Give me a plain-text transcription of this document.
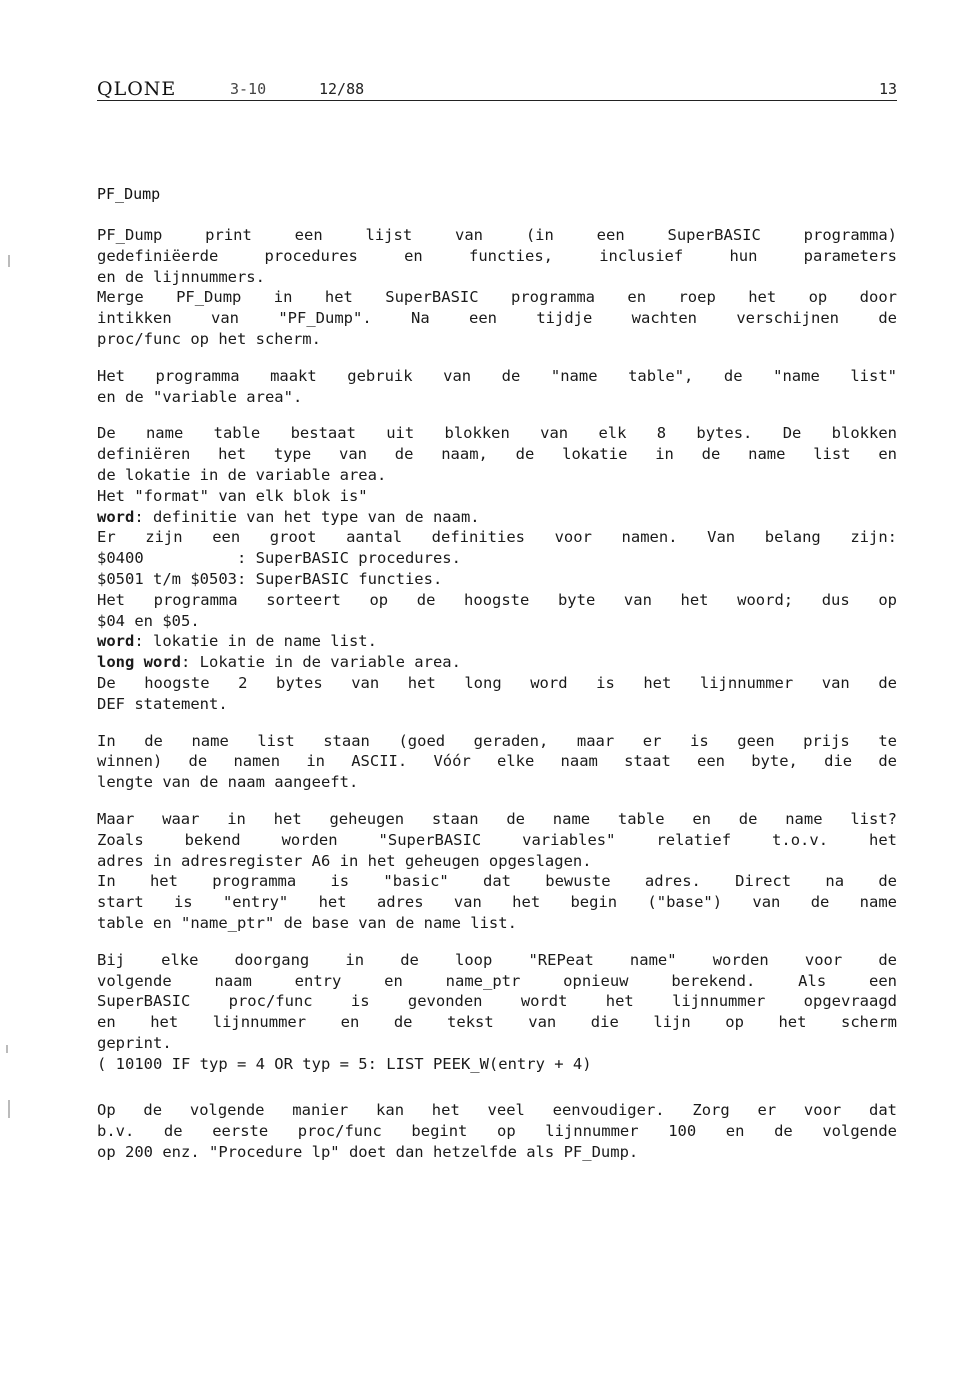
QLONE	3-10	12/88	13
PF_Dump
PF_Dump print een lijst van (in een SuperBASIC programma)
gedefiniëerde procedures en functies, inclusief hun parameters
en de lijnnummers.
Merge PF_Dump in het SuperBASIC programma en roep het op door
intikken van "PF_Dump". Na een tijdje wachten verschijnen de
proc/func op het scherm.
Het programma maakt gebruik van de "name table", de "name list"
en de "variable area".
De name table bestaat uit blokken van elk 8 bytes. De blokken
definiëren het type van de naam, de lokatie in de name list en
de lokatie in de variable area.
Het "format" van elk blok is"
word: definitie van het type van de naam.
Er zijn een groot aantal definities voor namen. Van belang zijn:
$0400          : SuperBASIC procedures.
$0501 t/m $0503: SuperBASIC functies.
Het programma sorteert op de hoogste byte van het woord; dus op
$04 en $05.
word: lokatie in de name list.
long word: Lokatie in de variable area.
De hoogste 2 bytes van het long word is het lijnnummer van de
DEF statement.
In de name list staan (goed geraden, maar er is geen prijs te
winnen) de namen in ASCII. Vóór elke naam staat een byte, die de
lengte van de naam aangeeft.
Maar waar in het geheugen staan de name table en de name list?
Zoals bekend worden "SuperBASIC variables" relatief t.o.v. het
adres in adresregister A6 in het geheugen opgeslagen.
In het programma is "basic" dat bewuste adres. Direct na de
start is "entry" het adres van het begin ("base") van de name
table en "name_ptr" de base van de name list.
Bij elke doorgang in de loop "REPeat name" worden voor de
volgende naam entry en name_ptr opnieuw berekend. Als een
SuperBASIC proc/func is gevonden wordt het lijnnummer opgevraagd
en het lijnnummer en de tekst van die lijn op het scherm
geprint.
( 10100 IF typ = 4 OR typ = 5: LIST PEEK_W(entry + 4)
Op de volgende manier kan het veel eenvoudiger. Zorg er voor dat
b.v. de eerste proc/func begint op lijnnummer 100 en de volgende
op 200 enz. "Procedure lp" doet dan hetzelfde als PF_Dump.
